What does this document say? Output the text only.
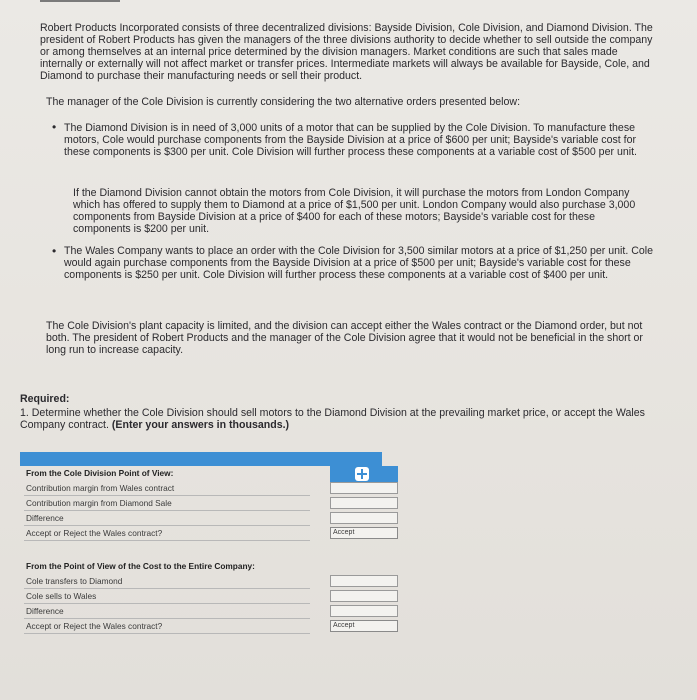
Robert Products Incorporated consists of three decentralized divisions: Bayside Division, Cole Division, and Diamond Division. The president of Robert Products has given the managers of the three divisions authority to decide whether to sell outside the company or among themselves at an internal price determined by the division managers. Market conditions are such that sales made internally or externally will not affect market or transfer prices. Intermediate markets will always be available for Bayside, Cole, and Diamond to purchase their manufacturing needs or sell their product.

The manager of the Cole Division is currently considering the two alternative orders presented below:

• The Diamond Division is in need of 3,000 units of a motor that can be supplied by the Cole Division. To manufacture these motors, Cole would purchase components from the Bayside Division at a price of $600 per unit; Bayside's variable cost for these components is $300 per unit. Cole Division will further process these components at a variable cost of $500 per unit.

If the Diamond Division cannot obtain the motors from Cole Division, it will purchase the motors from London Company which has offered to supply them to Diamond at a price of $1,500 per unit. London Company would also purchase 3,000 components from Bayside Division at a price of $400 for each of these motors; Bayside's variable cost for these components is $200 per unit.

• The Wales Company wants to place an order with the Cole Division for 3,500 similar motors at a price of $1,250 per unit. Cole would again purchase components from the Bayside Division at a price of $500 per unit; Bayside's variable cost for these components is $250 per unit. Cole Division will further process these components at a variable cost of $400 per unit.

The Cole Division's plant capacity is limited, and the division can accept either the Wales contract or the Diamond order, but not both. The president of Robert Products and the manager of the Cole Division agree that it would not be beneficial in the short or long run to increase capacity.

Required:
1. Determine whether the Cole Division should sell motors to the Diamond Division at the prevailing market price, or accept the Wales Company contract. (Enter your answers in thousands.)
From the Cole Division Point of View:
Contribution margin from Wales contract
Contribution margin from Diamond Sale
Difference
Accept or Reject the Wales contract?	Accept
From the Point of View of the Cost to the Entire Company:
Cole transfers to Diamond
Cole sells to Wales
Difference
Accept or Reject the Wales contract?	Accept
